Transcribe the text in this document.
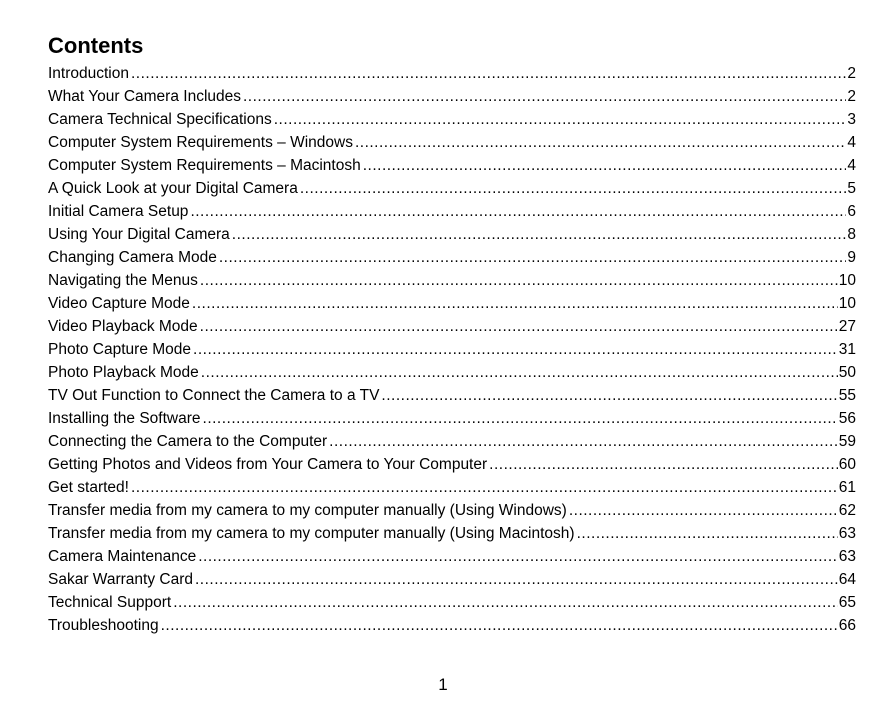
Contents
Introduction .....	2
What Your Camera Includes .....	2
Camera Technical Specifications .....	3
Computer System Requirements – Windows .....	4
Computer System Requirements – Macintosh .....	4
A Quick Look at your Digital Camera .....	5
Initial Camera Setup .....	6
Using Your Digital Camera .....	8
Changing Camera Mode .....	9
Navigating the Menus .....	10
Video Capture Mode .....	10
Video Playback Mode .....	27
Photo Capture Mode .....	31
Photo Playback Mode .....	50
TV Out Function to Connect the Camera to a TV .....	55
Installing the Software .....	56
Connecting the Camera to the Computer .....	59
Getting Photos and Videos from Your Camera to Your Computer .....	60
Get started! .....	61
Transfer media from my camera to my computer manually (Using Windows) .....	62
Transfer media from my camera to my computer manually (Using Macintosh) .....	63
Camera Maintenance .....	63
Sakar Warranty Card .....	64
Technical Support .....	65
Troubleshooting .....	66
1
